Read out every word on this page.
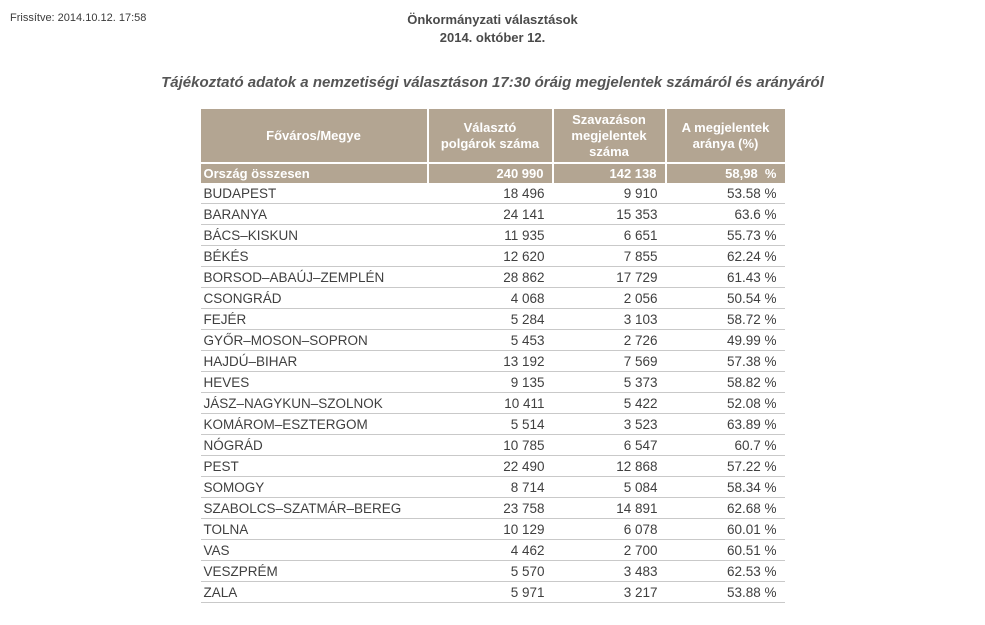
Frissítve: 2014.10.12. 17:58	Önkormányzati választások
2014. október 12.
Tájékoztató adatok a nemzetiségi választáson 17:30 óráig megjelentek számáról és arányáról
Főváros/Megye	Választó polgárok száma	Szavazáson megjelentek száma	A megjelentek aránya (%)
Ország összesen	240 990	142 138	58,98  %
BUDAPEST	18 496	9 910	53.58 %
BARANYA	24 141	15 353	63.6 %
BÁCS–KISKUN	11 935	6 651	55.73 %
BÉKÉS	12 620	7 855	62.24 %
BORSOD–ABAÚJ–ZEMPLÉN	28 862	17 729	61.43 %
CSONGRÁD	4 068	2 056	50.54 %
FEJÉR	5 284	3 103	58.72 %
GYŐR–MOSON–SOPRON	5 453	2 726	49.99 %
HAJDÚ–BIHAR	13 192	7 569	57.38 %
HEVES	9 135	5 373	58.82 %
JÁSZ–NAGYKUN–SZOLNOK	10 411	5 422	52.08 %
KOMÁROM–ESZTERGOM	5 514	3 523	63.89 %
NÓGRÁD	10 785	6 547	60.7 %
PEST	22 490	12 868	57.22 %
SOMOGY	8 714	5 084	58.34 %
SZABOLCS–SZATMÁR–BEREG	23 758	14 891	62.68 %
TOLNA	10 129	6 078	60.01 %
VAS	4 462	2 700	60.51 %
VESZPRÉM	5 570	3 483	62.53 %
ZALA	5 971	3 217	53.88 %
